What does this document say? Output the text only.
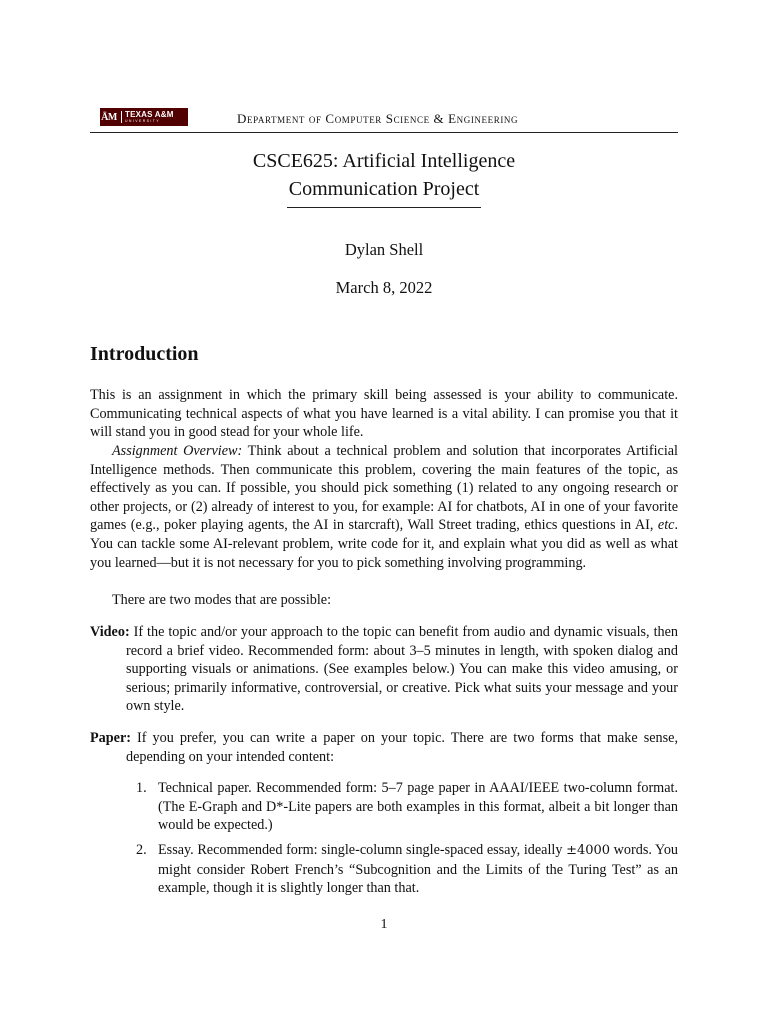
ĀM TEXAS A&M
UNIVERSITY	Department of Computer Science & Engineering
CSCE625: Artificial Intelligence
Communication Project
Dylan Shell
March 8, 2022
Introduction

This is an assignment in which the primary skill being assessed is your ability to communicate. Communicating technical aspects of what you have learned is a vital ability. I can promise you that it will stand you in good stead for your whole life.

Assignment Overview: Think about a technical problem and solution that incorporates Artificial Intelligence methods. Then communicate this problem, covering the main features of the topic, as effectively as you can. If possible, you should pick something (1) related to any ongoing research or other projects, or (2) already of interest to you, for example: AI for chatbots, AI in one of your favorite games (e.g., poker playing agents, the AI in starcraft), Wall Street trading, ethics questions in AI, etc. You can tackle some AI-relevant problem, write code for it, and explain what you did as well as what you learned—but it is not necessary for you to pick something involving programming.

There are two modes that are possible:

Video: If the topic and/or your approach to the topic can benefit from audio and dynamic visuals, then record a brief video. Recommended form: about 3–5 minutes in length, with spoken dialog and supporting visuals or animations. (See examples below.) You can make this video amusing, or serious; primarily informative, controversial, or creative. Pick what suits your message and your own style.
Paper: If you prefer, you can write a paper on your topic. There are two forms that make sense, depending on your intended content:
1. Technical paper. Recommended form: 5–7 page paper in AAAI/IEEE two-column format. (The E-Graph and D*-Lite papers are both examples in this format, albeit a bit longer than would be expected.)
2. Essay. Recommended form: single-column single-spaced essay, ideally ±4000 words. You might consider Robert French’s “Subcognition and the Limits of the Turing Test” as an example, though it is slightly longer than that.
1
